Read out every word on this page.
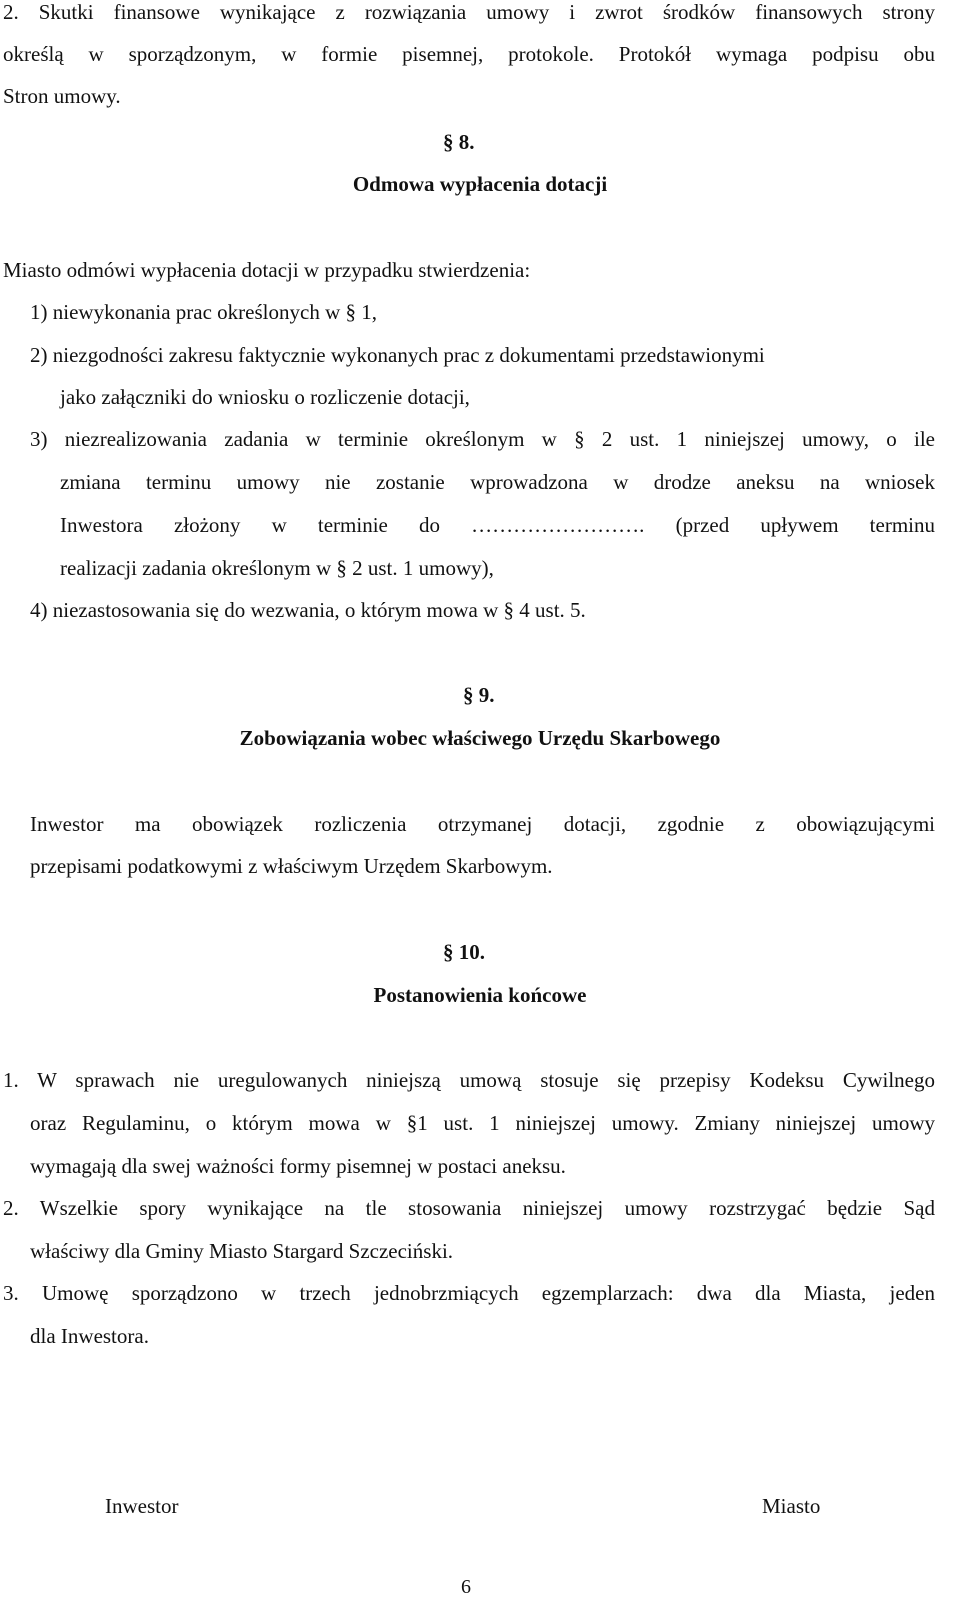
2. Skutki finansowe wynikające z rozwiązania umowy i zwrot środków finansowych strony
określą w sporządzonym, w formie pisemnej, protokole. Protokół wymaga podpisu obu
Stron umowy.
§ 8.
Odmowa wypłacenia dotacji
Miasto odmówi wypłacenia dotacji w przypadku stwierdzenia:
1) niewykonania prac określonych w § 1,
2) niezgodności zakresu faktycznie wykonanych prac z dokumentami przedstawionymi
jako załączniki do wniosku o rozliczenie dotacji,
3) niezrealizowania zadania w terminie określonym w § 2 ust. 1 niniejszej umowy, o ile
zmiana terminu umowy nie zostanie wprowadzona w drodze aneksu na wniosek
Inwestora złożony w terminie do ……………………. (przed upływem terminu
realizacji zadania określonym w § 2 ust. 1 umowy),
4) niezastosowania się do wezwania, o którym mowa w § 4 ust. 5.
§ 9.
Zobowiązania wobec właściwego Urzędu Skarbowego
Inwestor ma obowiązek rozliczenia otrzymanej dotacji, zgodnie z obowiązującymi
przepisami podatkowymi z właściwym Urzędem Skarbowym.
§ 10.
Postanowienia końcowe
1. W sprawach nie uregulowanych niniejszą umową stosuje się przepisy Kodeksu Cywilnego
oraz Regulaminu, o którym mowa w §1 ust. 1 niniejszej umowy. Zmiany niniejszej umowy
wymagają dla swej ważności formy pisemnej w postaci aneksu.
2. Wszelkie spory wynikające na tle stosowania niniejszej umowy rozstrzygać będzie Sąd
właściwy dla Gminy Miasto Stargard Szczeciński.
3. Umowę sporządzono w trzech jednobrzmiących egzemplarzach: dwa dla Miasta, jeden
dla Inwestora.
Inwestor	Miasto
6
